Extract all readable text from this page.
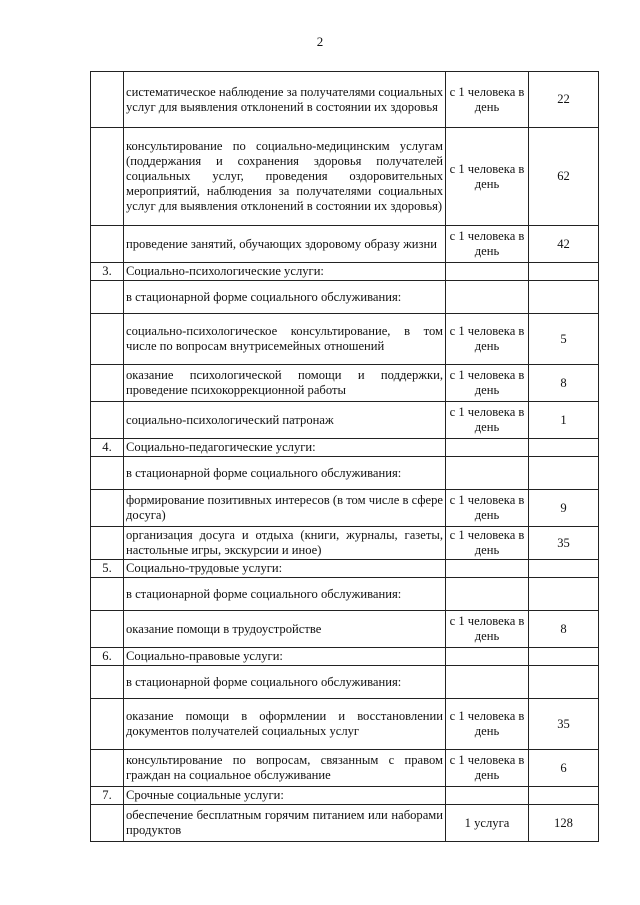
2
	систематическое наблюдение за получателями социальных услуг для выявления отклонений в состоянии их здоровья	с 1 человека в день	22
	консультирование по социально-медицинским услугам (поддержания и сохранения здоровья получателей социальных услуг, проведения оздоровительных мероприятий, наблюдения за получателями социальных услуг для выявления отклонений в состоянии их здоровья)	с 1 человека в день	62
	проведение занятий, обучающих здоровому образу жизни	с 1 человека в день	42
3.	Социально-психологические услуги:		
	в стационарной форме социального обслуживания:		
	социально-психологическое консультирование, в том числе по вопросам внутрисемейных отношений	с 1 человека в день	5
	оказание психологической помощи и поддержки, проведение психокоррекционной работы	с 1 человека в день	8
	социально-психологический патронаж	с 1 человека в день	1
4.	Социально-педагогические услуги:		
	в стационарной форме социального обслуживания:		
	формирование позитивных интересов (в том числе в сфере досуга)	с 1 человека в день	9
	организация досуга и отдыха (книги, журналы, газеты, настольные игры, экскурсии и иное)	с 1 человека в день	35
5.	Социально-трудовые услуги:		
	в стационарной форме социального обслуживания:		
	оказание помощи в трудоустройстве	с 1 человека в день	8
6.	Социально-правовые услуги:		
	в стационарной форме социального обслуживания:		
	оказание помощи в оформлении и восстановлении документов получателей социальных услуг	с 1 человека в день	35
	консультирование по вопросам, связанным с правом граждан на социальное обслуживание	с 1 человека в день	6
7.	Срочные социальные услуги:		
	обеспечение бесплатным горячим питанием или наборами продуктов	1 услуга	128
